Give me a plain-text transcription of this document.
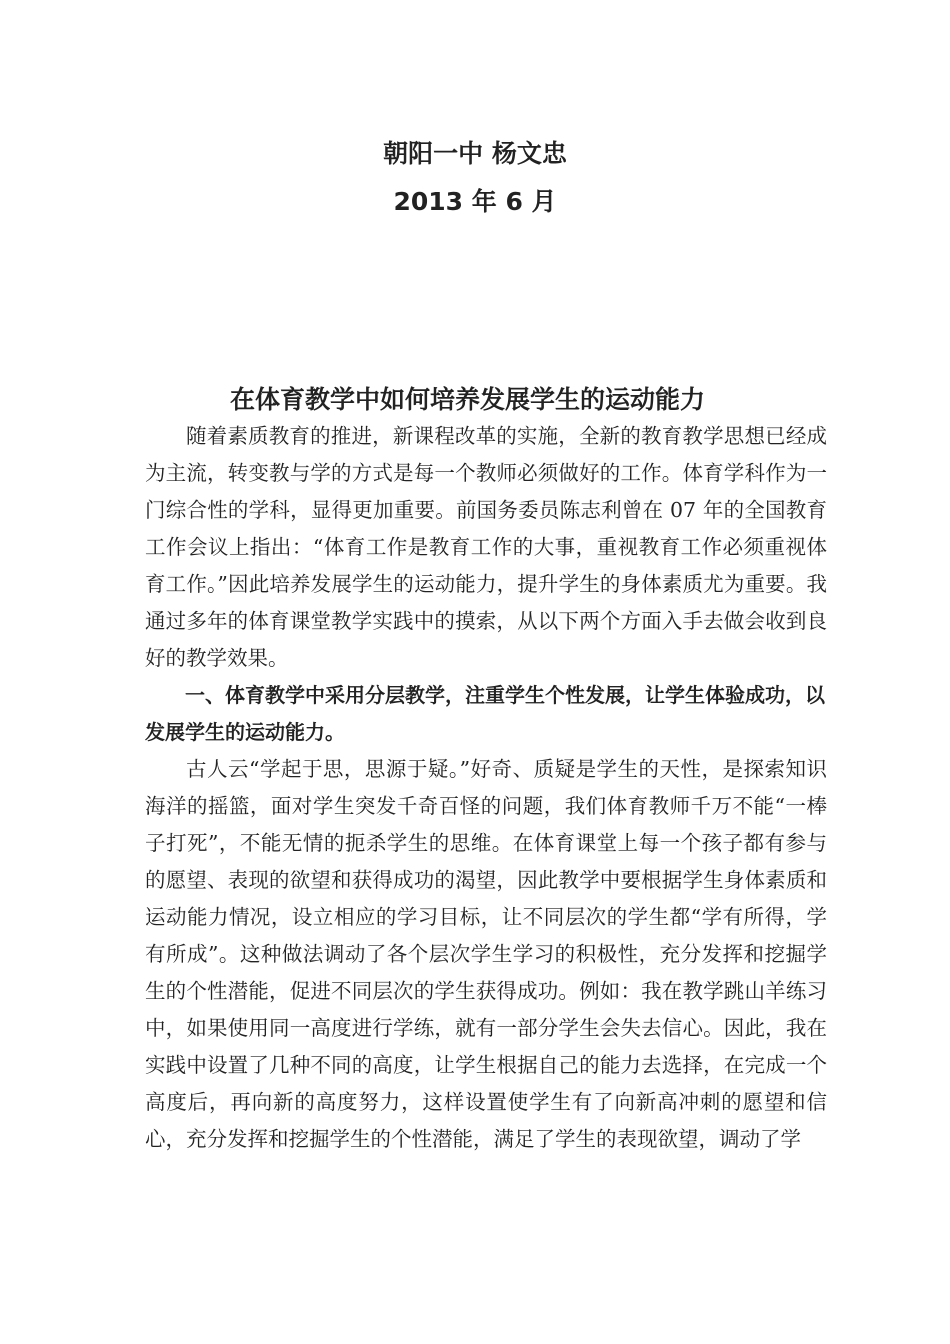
朝阳一中 杨文忠
2013 年 6 月
在体育教学中如何培养发展学生的运动能力

随着素质教育的推进，新课程改革的实施，全新的教育教学思想已经成为主流，转变教与学的方式是每一个教师必须做好的工作。体育学科作为一门综合性的学科，显得更加重要。前国务委员陈志利曾在 07 年的全国教育工作会议上指出：“体育工作是教育工作的大事，重视教育工作必须重视体育工作。”因此培养发展学生的运动能力，提升学生的身体素质尤为重要。我通过多年的体育课堂教学实践中的摸索，从以下两个方面入手去做会收到良好的教学效果。

一、体育教学中采用分层教学，注重学生个性发展，让学生体验成功，以发展学生的运动能力。

古人云“学起于思，思源于疑。”好奇、质疑是学生的天性，是探索知识海洋的摇篮，面对学生突发千奇百怪的问题，我们体育教师千万不能“一棒子打死”，不能无情的扼杀学生的思维。在体育课堂上每一个孩子都有参与的愿望、表现的欲望和获得成功的渴望，因此教学中要根据学生身体素质和运动能力情况，设立相应的学习目标，让不同层次的学生都“学有所得，学有所成”。这种做法调动了各个层次学生学习的积极性，充分发挥和挖掘学生的个性潜能，促进不同层次的学生获得成功。例如：我在教学跳山羊练习中，如果使用同一高度进行学练，就有一部分学生会失去信心。因此，我在实践中设置了几种不同的高度，让学生根据自己的能力去选择，在完成一个高度后，再向新的高度努力，这样设置使学生有了向新高冲刺的愿望和信心，充分发挥和挖掘学生的个性潜能，满足了学生的表现欲望，调动了学
